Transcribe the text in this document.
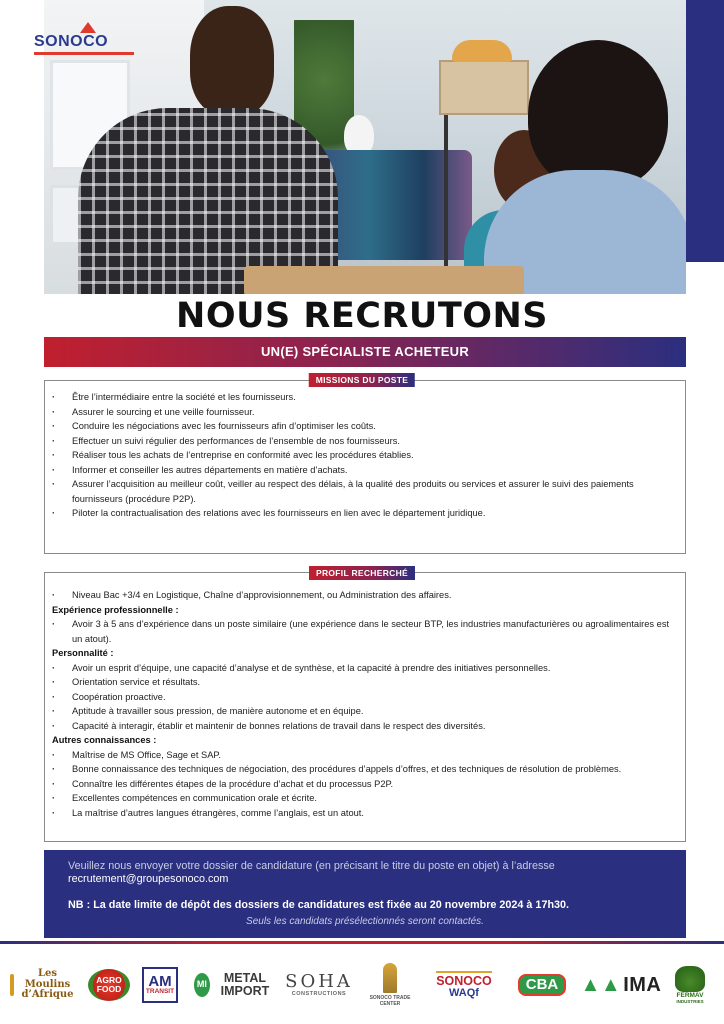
SONOCO
NOUS RECRUTONS
UN(E) SPÉCIALISTE ACHETEUR
MISSIONS DU POSTE
· Être l’intermédiaire entre la société et les fournisseurs.
· Assurer le sourcing et une veille fournisseur.
· Conduire les négociations avec les fournisseurs afin d’optimiser les coûts.
· Effectuer un suivi régulier des performances de l’ensemble de nos fournisseurs.
· Réaliser tous les achats de l’entreprise en conformité avec les procédures établies.
· Informer et conseiller les autres départements en matière d’achats.
· Assurer l’acquisition au meilleur coût, veiller au respect des délais, à la qualité des produits ou services et assurer le suivi des paiements fournisseurs (procédure P2P).
· Piloter la contractualisation des relations avec les fournisseurs en lien avec le département juridique.
PROFIL RECHERCHÉ
· Niveau Bac +3/4 en Logistique, Chaîne d’approvisionnement, ou Administration des affaires.
Expérience professionnelle :
· Avoir 3 à 5 ans d’expérience dans un poste similaire (une expérience dans le secteur BTP, les industries manufacturières ou agroalimentaires est un atout).
Personnalité :
· Avoir un esprit d’équipe, une capacité d’analyse et de synthèse, et la capacité à prendre des initiatives personnelles.
· Orientation service et résultats.
· Coopération proactive.
· Aptitude à travailler sous pression, de manière autonome et en équipe.
· Capacité à interagir, établir et maintenir de bonnes relations de travail dans le respect des diversités.
Autres connaissances :
· Maîtrise de MS Office, Sage et SAP.
· Bonne connaissance des techniques de négociation, des procédures d’appels d’offres, et des techniques de résolution de problèmes.
· Connaître les différentes étapes de la procédure d’achat et du processus P2P.
· Excellentes compétences en communication orale et écrite.
· La maîtrise d’autres langues étrangères, comme l’anglais, est un atout.
Veuillez nous envoyer votre dossier de candidature (en précisant le titre du poste en objet) à l’adresse
recrutement@groupesonoco.com
NB : La date limite de dépôt des dossiers de candidatures est fixée au 20 novembre 2024 à 17h30.
Seuls les candidats présélectionnés seront contactés.
Les Moulins d’Afrique
AGRO FOOD	AM
TRANSIT
MI	METAL IMPORT SOHA
CONSTRUCTIONS
SONOCO TRADE CENTER
SONOCO
WAQf	CBA	▲▲ IMA FERMAV
INDUSTRIES
